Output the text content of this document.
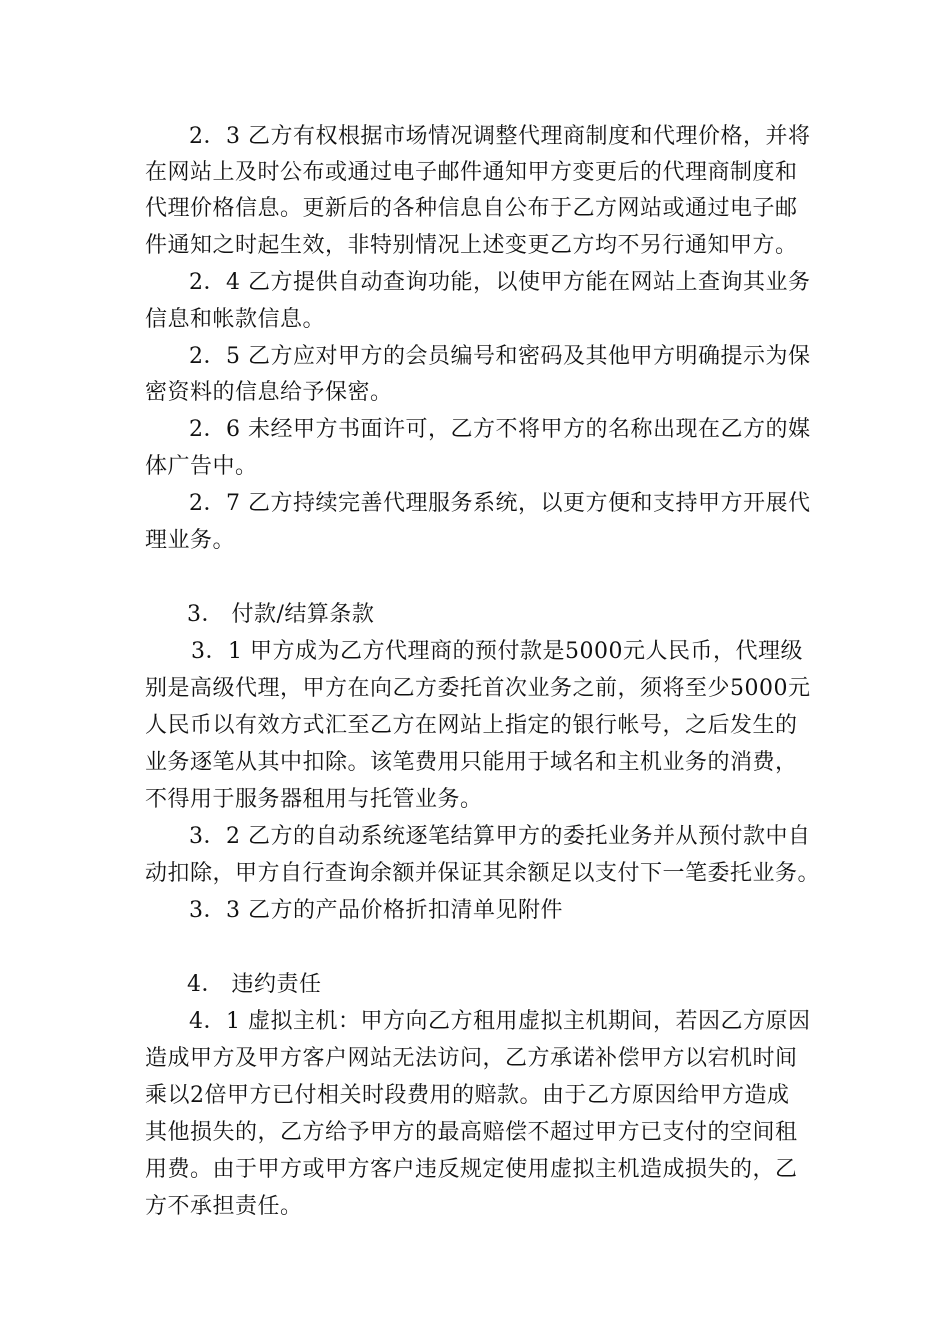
2．3 乙方有权根据市场情况调整代理商制度和代理价格，并将
在网站上及时公布或通过电子邮件通知甲方变更后的代理商制度和
代理价格信息。更新后的各种信息自公布于乙方网站或通过电子邮
件通知之时起生效，非特别情况上述变更乙方均不另行通知甲方。
2．4 乙方提供自动查询功能，以使甲方能在网站上查询其业务
信息和帐款信息。
2．5 乙方应对甲方的会员编号和密码及其他甲方明确提示为保
密资料的信息给予保密。
2．6 未经甲方书面许可，乙方不将甲方的名称出现在乙方的媒
体广告中。
2．7 乙方持续完善代理服务系统，以更方便和支持甲方开展代
理业务。
3． 付款/结算条款
3．1 甲方成为乙方代理商的预付款是5000元人民币，代理级
别是高级代理，甲方在向乙方委托首次业务之前，须将至少5000元
人民币以有效方式汇至乙方在网站上指定的银行帐号，之后发生的
业务逐笔从其中扣除。该笔费用只能用于域名和主机业务的消费，
不得用于服务器租用与托管业务。
3．2 乙方的自动系统逐笔结算甲方的委托业务并从预付款中自
动扣除，甲方自行查询余额并保证其余额足以支付下一笔委托业务。
3．3 乙方的产品价格折扣清单见附件
4． 违约责任
4．1 虚拟主机：甲方向乙方租用虚拟主机期间，若因乙方原因
造成甲方及甲方客户网站无法访问，乙方承诺补偿甲方以宕机时间
乘以2倍甲方已付相关时段费用的赔款。由于乙方原因给甲方造成
其他损失的，乙方给予甲方的最高赔偿不超过甲方已支付的空间租
用费。由于甲方或甲方客户违反规定使用虚拟主机造成损失的，乙
方不承担责任。
